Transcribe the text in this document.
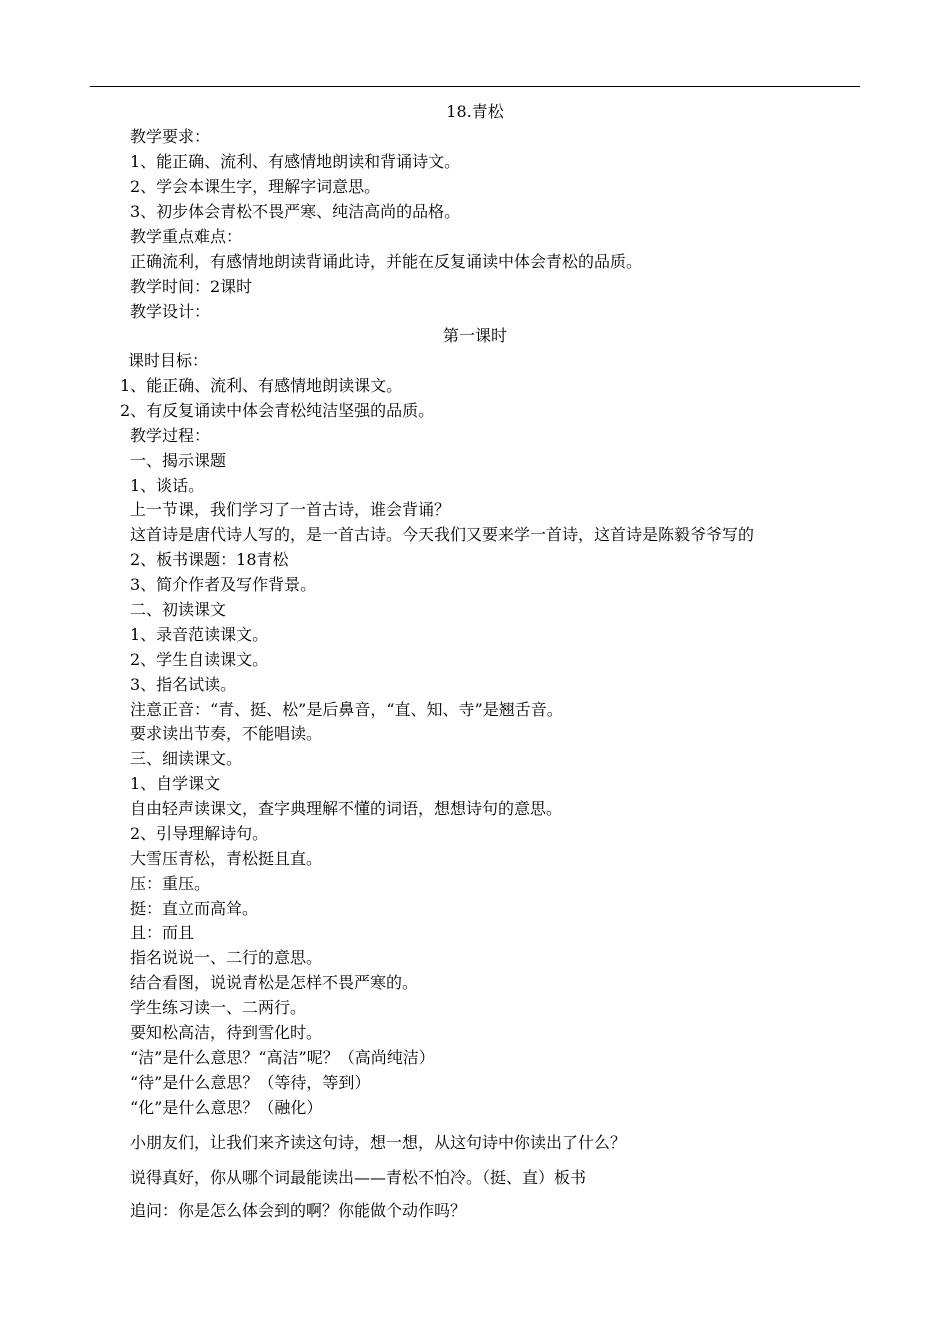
18.青松
教学要求：
1、能正确、流利、有感情地朗读和背诵诗文。
2、学会本课生字，理解字词意思。
3、初步体会青松不畏严寒、纯洁高尚的品格。
教学重点难点：
正确流利，有感情地朗读背诵此诗，并能在反复诵读中体会青松的品质。
教学时间：2课时
教学设计：
第一课时
课时目标：
1、能正确、流利、有感情地朗读课文。
2、有反复诵读中体会青松纯洁坚强的品质。
教学过程：
一、揭示课题
1、谈话。
上一节课，我们学习了一首古诗，谁会背诵？
这首诗是唐代诗人写的，是一首古诗。今天我们又要来学一首诗，这首诗是陈毅爷爷写的
2、板书课题：18青松
3、简介作者及写作背景。
二、初读课文
1、录音范读课文。
2、学生自读课文。
3、指名试读。
注意正音：“青、挺、松”是后鼻音，“直、知、寺”是翘舌音。
要求读出节奏，不能唱读。
三、细读课文。
1、自学课文
自由轻声读课文，查字典理解不懂的词语，想想诗句的意思。
2、引导理解诗句。
大雪压青松，青松挺且直。
压：重压。
挺：直立而高耸。
且：而且
指名说说一、二行的意思。
结合看图，说说青松是怎样不畏严寒的。
学生练习读一、二两行。
要知松高洁，待到雪化时。
“洁”是什么意思？“高洁”呢？（高尚纯洁）
“待”是什么意思？（等待，等到）
“化”是什么意思？（融化）
小朋友们，让我们来齐读这句诗，想一想，从这句诗中你读出了什么？
说得真好，你从哪个词最能读出——青松不怕冷。（挺、直）板书
追问：你是怎么体会到的啊？你能做个动作吗？
